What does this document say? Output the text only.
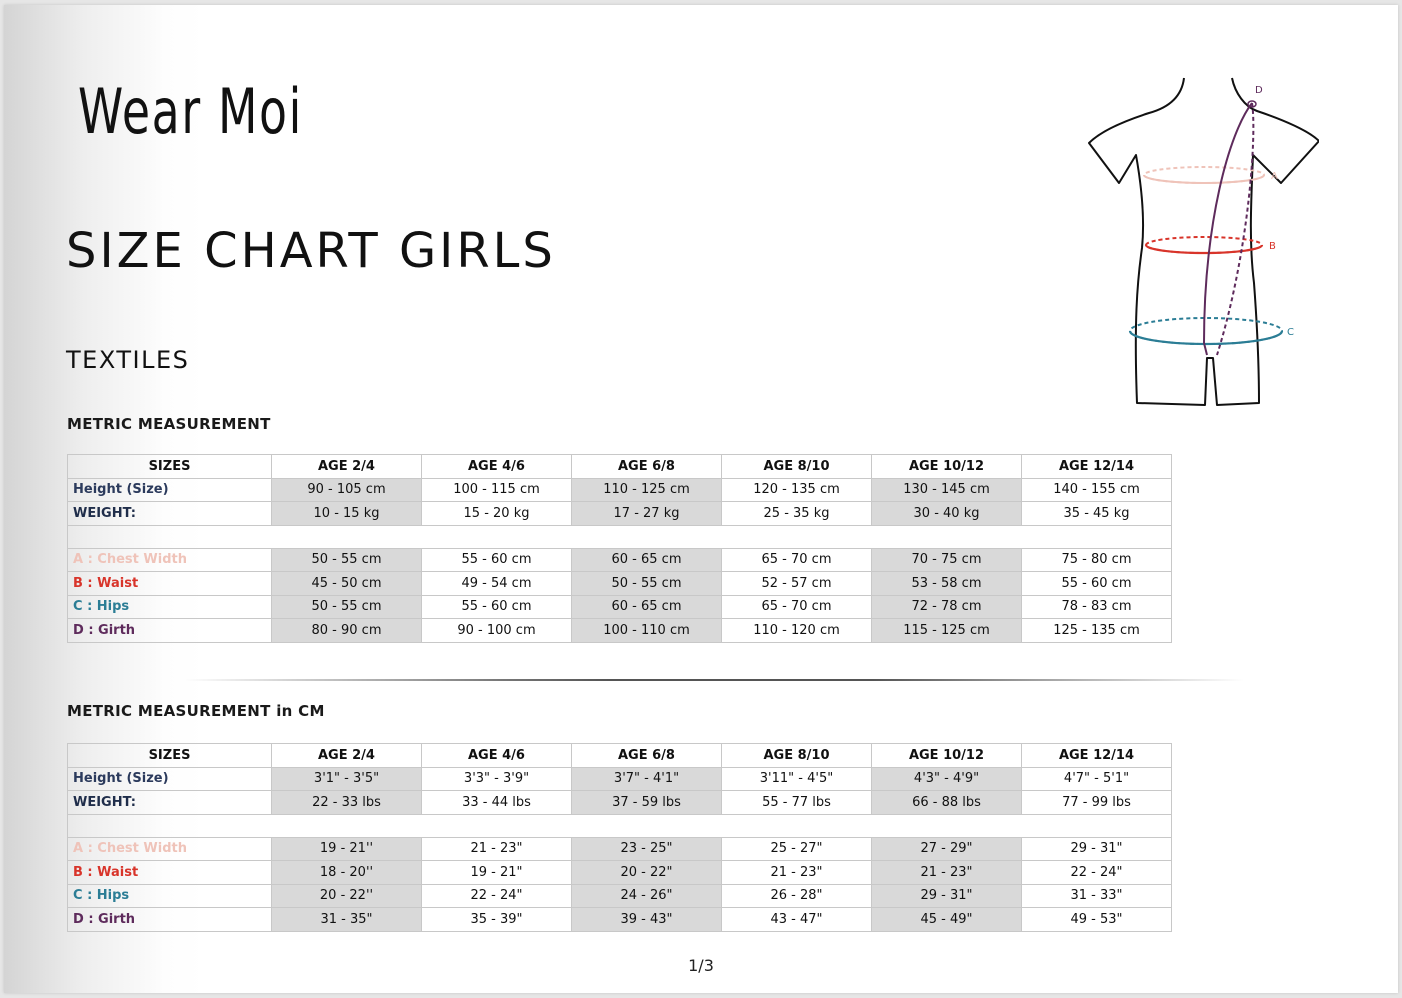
Wear Moi
SIZE CHART GIRLS
TEXTILES
A
B
C
D
METRIC MEASUREMENT
SIZES	AGE 2/4	AGE 4/6	AGE 6/8	AGE 8/10	AGE 10/12	AGE 12/14
Height (Size)	90 - 105 cm	100 - 115 cm	110 - 125 cm	120 - 135 cm	130 - 145 cm	140 - 155 cm
WEIGHT:	10 - 15 kg	15 - 20 kg	17 - 27 kg	25 - 35 kg	30 - 40 kg	35 - 45 kg

A : Chest Width	50 - 55 cm	55 - 60 cm	60 - 65 cm	65 - 70 cm	70 - 75 cm	75 - 80 cm
B : Waist	45 - 50 cm	49 - 54 cm	50 - 55 cm	52 - 57 cm	53 - 58 cm	55 - 60 cm
C : Hips	50 - 55 cm	55 - 60 cm	60 - 65 cm	65 - 70 cm	72 - 78 cm	78 - 83 cm
D : Girth	80 - 90 cm	90 - 100 cm	100 - 110 cm	110 - 120 cm	115 - 125 cm	125 - 135 cm
METRIC MEASUREMENT in CM
SIZES	AGE 2/4	AGE 4/6	AGE 6/8	AGE 8/10	AGE 10/12	AGE 12/14
Height (Size)	3'1" - 3'5"	3'3" - 3'9"	3'7" - 4'1"	3'11" - 4'5"	4'3" - 4'9"	4'7" - 5'1"
WEIGHT:	22 - 33 lbs	33 - 44 lbs	37 - 59 lbs	55 - 77 lbs	66 - 88 lbs	77 - 99 lbs

A : Chest Width	19 - 21''	21 - 23"	23 - 25"	25 - 27"	27 - 29"	29 - 31"
B : Waist	18 - 20''	19 - 21"	20 - 22"	21 - 23"	21 - 23"	22 - 24"
C : Hips	20 - 22''	22 - 24"	24 - 26"	26 - 28"	29 - 31"	31 - 33"
D : Girth	31 - 35"	35 - 39"	39 - 43"	43 - 47"	45 - 49"	49 - 53"
1/3
